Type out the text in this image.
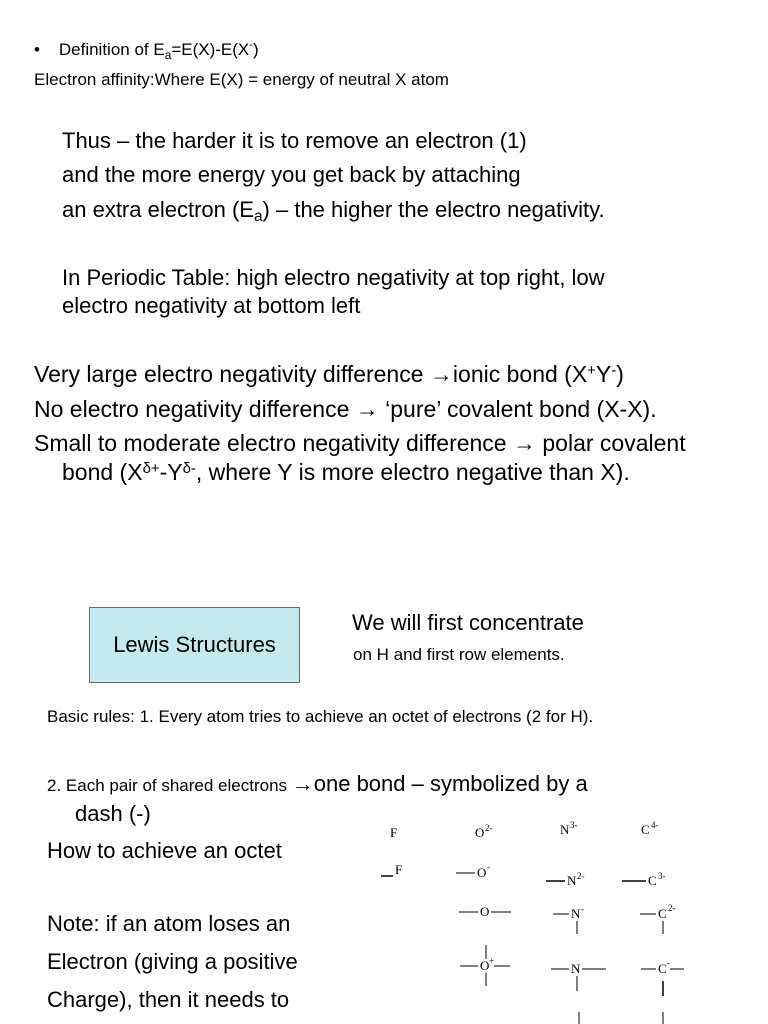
• Definition of $E_a=E(X)-E(X^-)$
Electron affinity:Where E(X) = energy of neutral X atom
Thus – the harder it is to remove an electron (1)
and the more energy you get back by attaching
an extra electron (Ea) – the higher the electro negativity.
In Periodic Table: high electro negativity at top right, low
electro negativity at bottom left
Very large electro negativity difference →ionic bond (X+Y-)
No electro negativity difference → ‘pure’ covalent bond (X-X).
Small to moderate electro negativity difference → polar covalent
bond ($X^{\delta+}-Y^{\delta-}$, where Y is more electro negative than X).
Lewis Structures
We will first concentrate
on H and first row elements.
Basic rules: 1. Every atom tries to achieve an octet of electrons (2 for H).
2. Each pair of shared electrons →one bond – symbolized by a
dash (-)
How to achieve an octet
Note: if an atom loses an
Electron (giving a positive
Charge), then it needs to
F	O 2-	N 3-	C 4-
F	O -
N 2-	C 3-
O	N -	C 2-
O +	N	C -
